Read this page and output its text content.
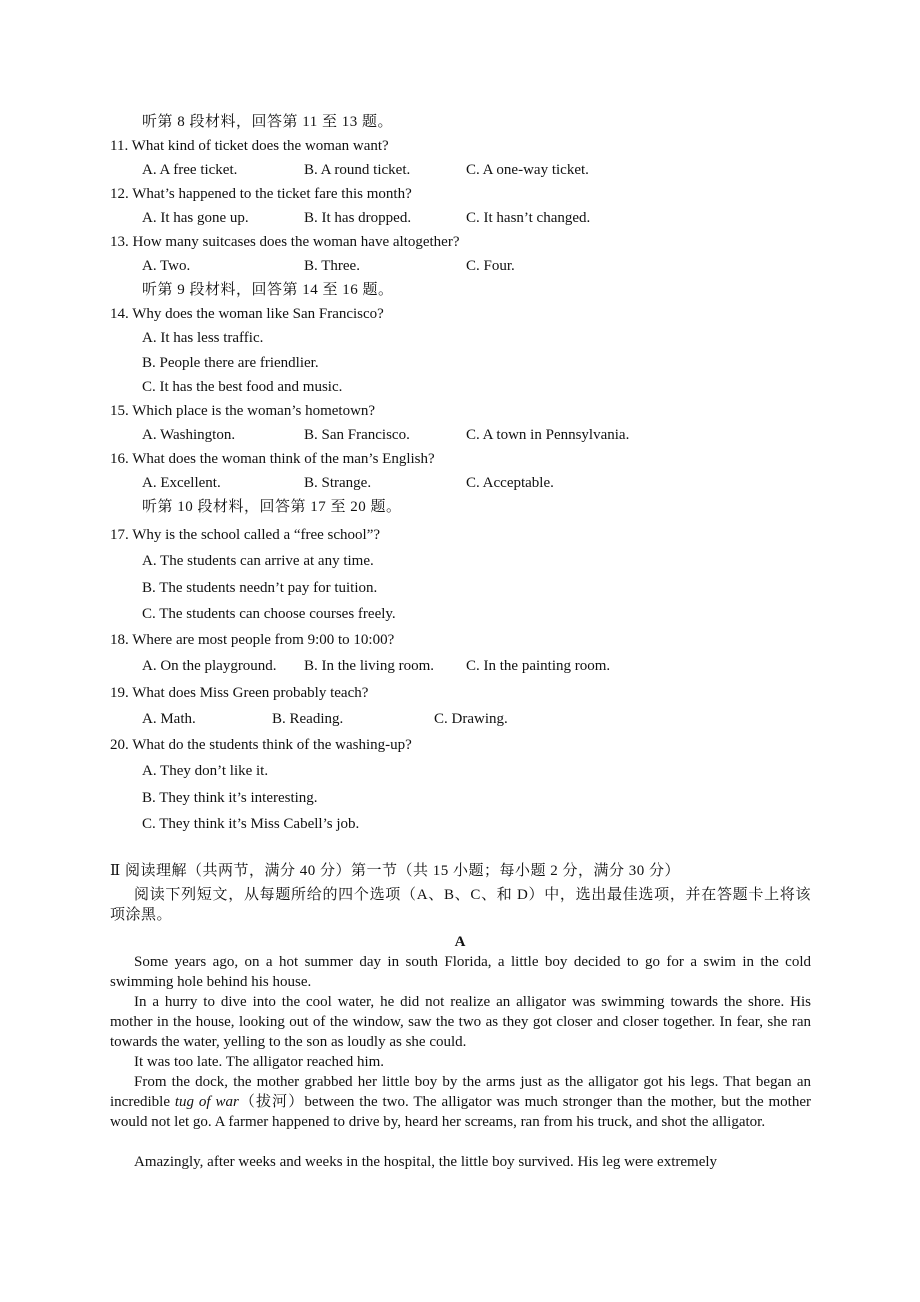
听第 8 段材料，回答第 11 至 13 题。
11. What kind of ticket does the woman want?
A. A free ticket.	B. A round ticket.	C. A one-way ticket.
12. What’s happened to the ticket fare this month?
A. It has gone up.	B. It has dropped.	C. It hasn’t changed.
13. How many suitcases does the woman have altogether?
A. Two.	B. Three.	C. Four.
听第 9 段材料，回答第 14 至 16 题。
14. Why does the woman like San Francisco?
A. It has less traffic.
B. People there are friendlier.
C. It has the best food and music.
15. Which place is the woman’s hometown?
A. Washington.	B. San Francisco.	C. A town in Pennsylvania.
16. What does the woman think of the man’s English?
A. Excellent.	B. Strange.	C. Acceptable.
听第 10 段材料，回答第 17 至 20 题。
17. Why is the school called a “free school”?
A. The students can arrive at any time.
B. The students needn’t pay for tuition.
C. The students can choose courses freely.
18. Where are most people from 9:00 to 10:00?
A. On the playground. B. In the living room. C. In the painting room.
19. What does Miss Green probably teach?
A. Math.	B. Reading.	C. Drawing.
20. What do the students think of the washing-up?
A. They don’t like it.
B. They think it’s interesting.
C. They think it’s Miss Cabell’s job.
Ⅱ 阅读理解（共两节，满分 40 分）第一节（共 15 小题；每小题 2 分，满分 30 分）
阅读下列短文，从每题所给的四个选项（A、B、C、和 D）中，选出最佳选项，并在答题卡上将该项涂黑。
A
Some years ago, on a hot summer day in south Florida, a little boy decided to go for a swim in the cold swimming hole behind his house.
In a hurry to dive into the cool water, he did not realize an alligator was swimming towards the shore. His mother in the house, looking out of the window, saw the two as they got closer and closer together. In fear, she ran towards the water, yelling to the son as loudly as she could.
It was too late. The alligator reached him.
From the dock, the mother grabbed her little boy by the arms just as the alligator got his legs. That began an incredible tug of war（拔河）between the two. The alligator was much stronger than the mother, but the mother would not let go. A farmer happened to drive by, heard her screams, ran from his truck, and shot the alligator.
Amazingly, after weeks and weeks in the hospital, the little boy survived. His leg were extremely
